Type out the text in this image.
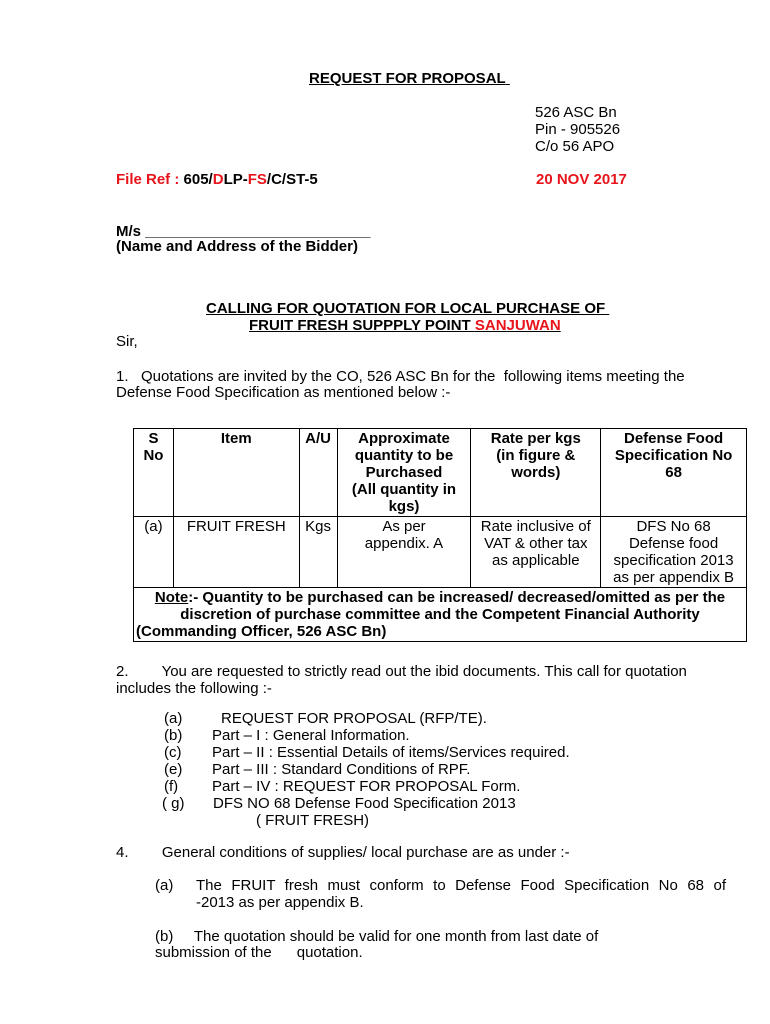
REQUEST FOR PROPOSAL
526 ASC Bn
Pin - 905526
C/o 56 APO
File Ref : 605/DLP-FS/C/ST-5	20 NOV 2017
M/s ___________________________
(Name and Address of the Bidder)
CALLING FOR QUOTATION FOR LOCAL PURCHASE OF
FRUIT FRESH SUPPPLY POINT SANJUWAN
Sir,
1.   Quotations are invited by the CO, 526 ASC Bn for the  following items meeting the
Defense Food Specification as mentioned below :-
S
No	Item	A/U	Approximate
quantity to be
Purchased
(All quantity in
kgs)	Rate per kgs
(in figure &
words)	Defense Food
Specification No
68
(a)	FRUIT FRESH	Kgs	As per
appendix. A	Rate inclusive of
VAT & other tax
as applicable	DFS No 68
Defense food
specification 2013
as per appendix B
Note:- Quantity to be purchased can be increased/ decreased/omitted as per the discretion of purchase committee and the Competent Financial Authority (Commanding Officer, 526 ASC Bn)					
2.        You are requested to strictly read out the ibid documents. This call for quotation
includes the following :-
(a)	REQUEST FOR PROPOSAL (RFP/TE).
(b) Part – I : General Information.
(c) Part – II : Essential Details of items/Services required.
(e) Part – III : Standard Conditions of RPF.
(f) Part – IV : REQUEST FOR PROPOSAL Form.
( g) DFS NO 68 Defense Food Specification 2013
( FRUIT FRESH)
4.        General conditions of supplies/ local purchase are as under :-
(a) The FRUIT fresh must conform to Defense Food Specification No 68 of
-2013 as per appendix B.
(b)     The quotation should be valid for one month from last date of
submission of the      quotation.
